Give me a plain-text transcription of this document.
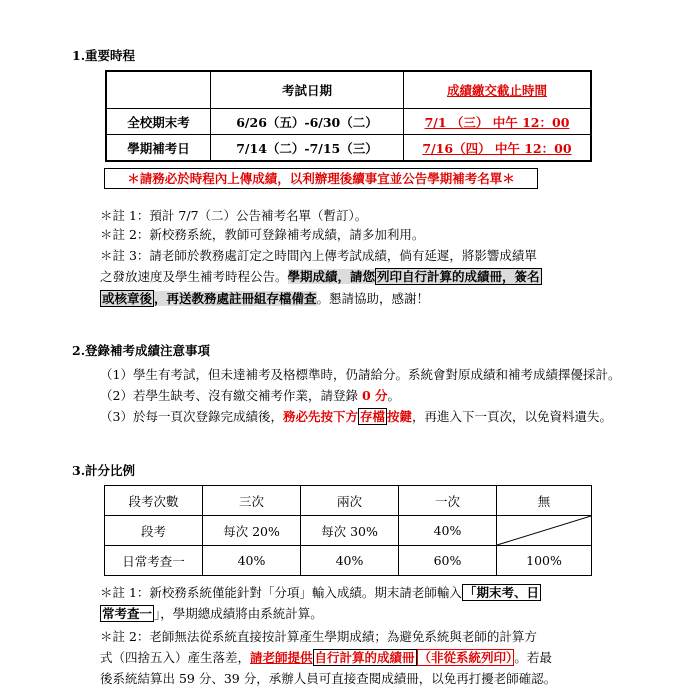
1.重要時程
	考試日期	成績繳交截止時間
全校期末考	6/26（五）-6/30（二）	7/1 （三） 中午 12：00
學期補考日	7/14（二）-7/15（三）	7/16（四） 中午 12：00
＊請務必於時程內上傳成績，以利辦理後續事宜並公告學期補考名單＊
＊註 1：預計 7/7（二）公告補考名單（暫訂）。
＊註 2：新校務系統，教師可登錄補考成績，請多加利用。
＊註 3：請老師於教務處訂定之時間內上傳考試成績，倘有延遲，將影響成績單
之發放速度及學生補考時程公告。學期成績，請您 列印自行計算的成績冊，簽名
或核章後 ，再送教務處註冊組存檔備查。懇請協助，感謝！
2.登錄補考成績注意事項
（1）學生有考試，但未達補考及格標準時，仍請給分。系統會對原成績和補考成績擇優採計。
（2）若學生缺考、沒有繳交補考作業，請登錄 0 分。
（3）於每一頁次登錄完成績後，務必先按下方 存檔 按鍵，再進入下一頁次，以免資料遺失。
3.計分比例
段考次數	三次	兩次	一次	無
段考	每次 20%	每次 30%	40%	

日常考查一	40%	40%	60%	100%
＊註 1：新校務系統僅能針對「分項」輸入成績。期末請老師輸入 「期末考、日
常考查一 」，學期總成績將由系統計算。
＊註 2：老師無法從系統直接按計算產生學期成績；為避免系統與老師的計算方
式（四捨五入）產生落差，請老師提供 自行計算的成績冊 （非從系統列印） 。若最
後系統結算出 59 分、39 分，承辦人員可直接查閱成績冊，以免再打擾老師確認。
